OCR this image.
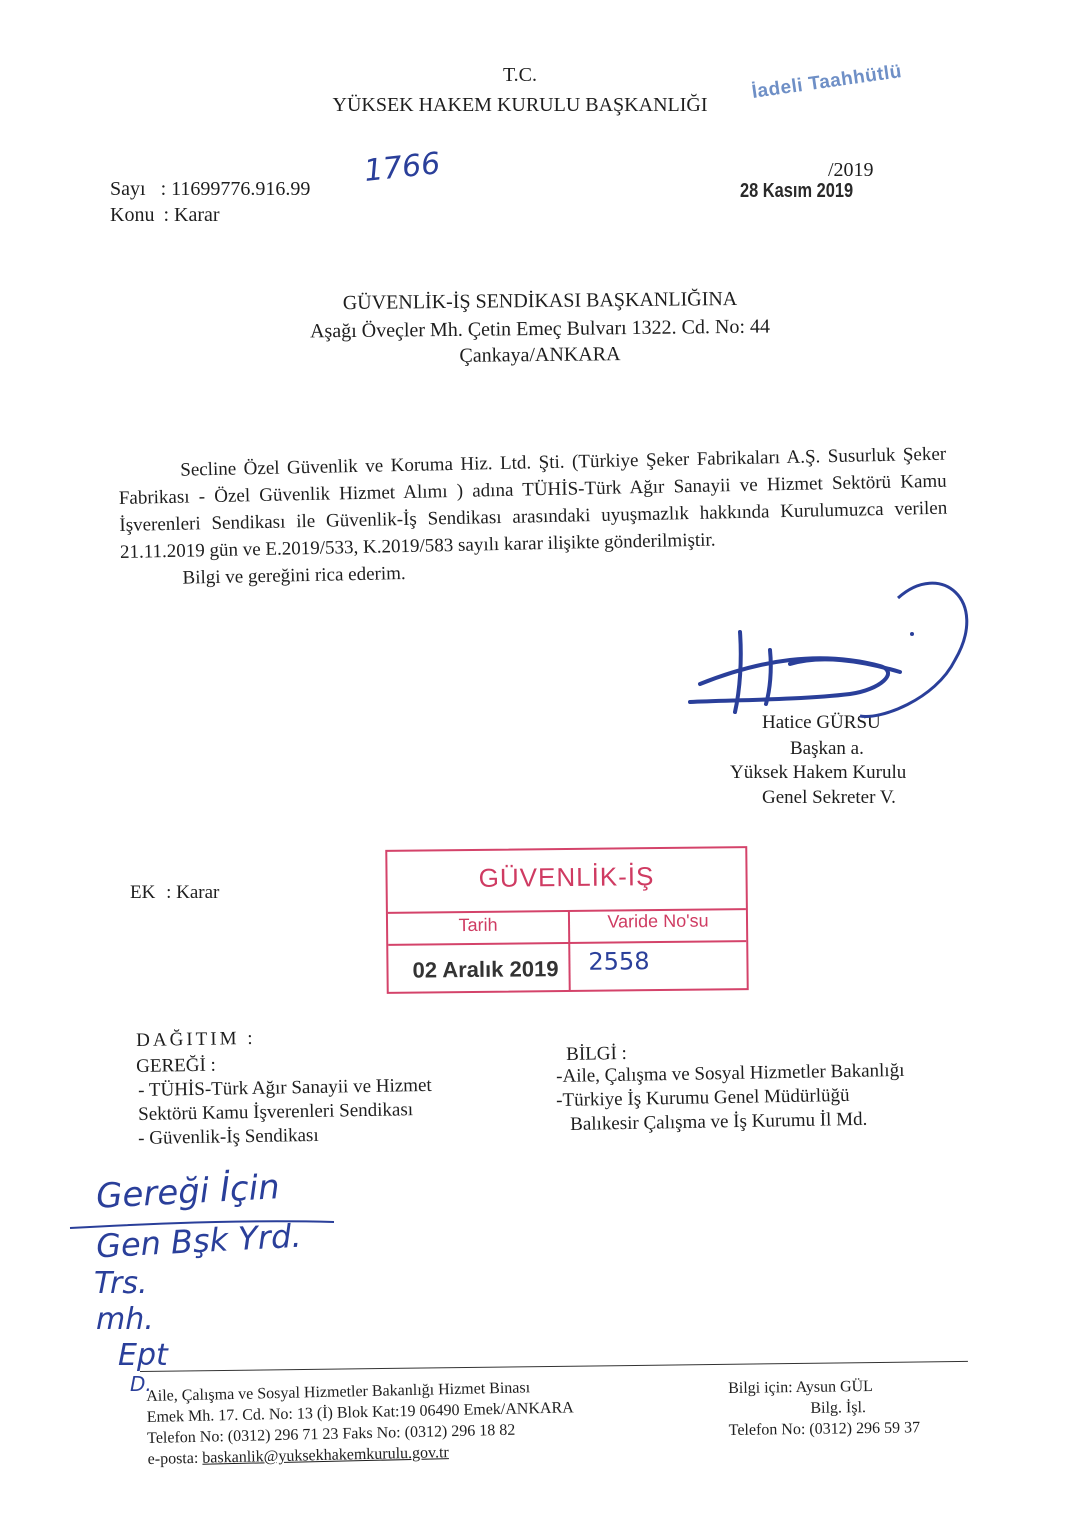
T.C.
YÜKSEK HAKEM KURULU BAŞKANLIĞI
İadeli Taahhütlü
Sayı : 11699776.916.99
1766
Konu : Karar
/2019
28 Kasım 2019
GÜVENLİK-İŞ SENDİKASI BAŞKANLIĞINA
Aşağı Öveçler Mh. Çetin Emeç Bulvarı 1322. Cd. No: 44
Çankaya/ANKARA

Secline Özel Güvenlik ve Koruma Hiz. Ltd. Şti. (Türkiye Şeker Fabrikaları A.Ş. Susurluk Şeker Fabrikası - Özel Güvenlik Hizmet Alımı ) adına TÜHİS-Türk Ağır Sanayii ve Hizmet Sektörü Kamu İşverenleri Sendikası ile Güvenlik-İş Sendikası arasındaki uyuşmazlık hakkında Kurulumuzca verilen 21.11.2019 gün ve E.2019/533, K.2019/583 sayılı karar ilişikte gönderilmiştir.

Bilgi ve gereğini rica ederim.

Hatice GÜRSU
Başkan a.
Yüksek Hakem Kurulu
Genel Sekreter V.
EK : Karar	GÜVENLİK-İŞ
Tarih	Varide No'su
02 Aralık 2019 2558
DAĞITIM :
GEREĞİ :
- TÜHİS-Türk Ağır Sanayii ve Hizmet
Sektörü Kamu İşverenleri Sendikası
- Güvenlik-İş Sendikası
BİLGİ :
-Aile, Çalışma ve Sosyal Hizmetler Bakanlığı
-Türkiye İş Kurumu Genel Müdürlüğü
Balıkesir Çalışma ve İş Kurumu İl Md.
Gereği İçin
Gen Bşk Yrd.
Trs.
mh.
Ept
D.
Aile, Çalışma ve Sosyal Hizmetler Bakanlığı Hizmet Binası
Emek Mh. 17. Cd. No: 13 (İ) Blok Kat:19 06490 Emek/ANKARA
Telefon No: (0312) 296 71 23 Faks No: (0312) 296 18 82
e-posta: baskanlik@yuksekhakemkurulu.gov.tr
Bilgi için: Aysun GÜL
Bilg. İşl.
Telefon No: (0312) 296 59 37
